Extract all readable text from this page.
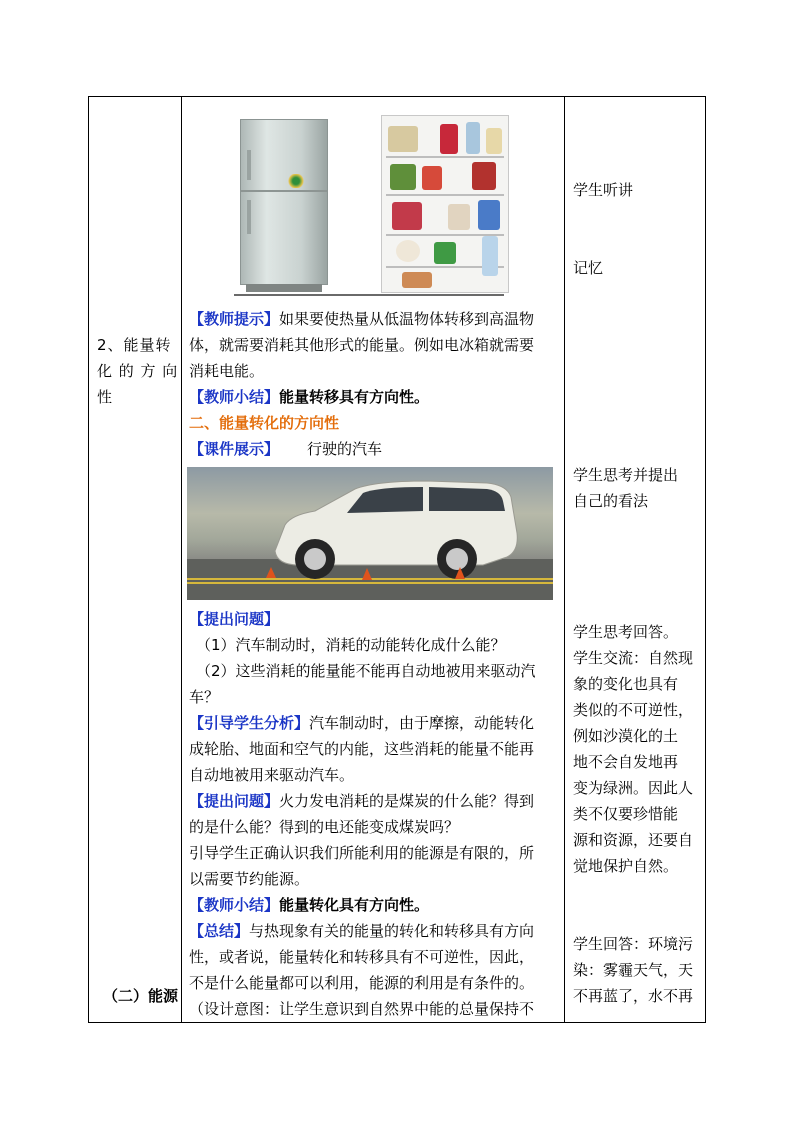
2、能量转
化 的 方 向
性
（二）能源
【教师提示】如果要使热量从低温物体转移到高温物
体，就需要消耗其他形式的能量。例如电冰箱就需要
消耗电能。
【教师小结】能量转移具有方向性。
二、能量转化的方向性
【课件展示】 行驶的汽车
【提出问题】
（1）汽车制动时，消耗的动能转化成什么能？
（2）这些消耗的能量能不能再自动地被用来驱动汽
车？
【引导学生分析】汽车制动时，由于摩擦，动能转化
成轮胎、地面和空气的内能，这些消耗的能量不能再
自动地被用来驱动汽车。
【提出问题】火力发电消耗的是煤炭的什么能？得到
的是什么能？得到的电还能变成煤炭吗？
引导学生正确认识我们所能利用的能源是有限的，所
以需要节约能源。
【教师小结】能量转化具有方向性。
【总结】与热现象有关的能量的转化和转移具有方向
性，或者说，能量转化和转移具有不可逆性，因此，
不是什么能量都可以利用，能源的利用是有条件的。
（设计意图：让学生意识到自然界中能的总量保持不
学生听讲
记忆
学生思考并提出
自己的看法
学生思考回答。
学生交流：自然现
象的变化也具有
类似的不可逆性，
例如沙漠化的土
地不会自发地再
变为绿洲。因此人
类不仅要珍惜能
源和资源，还要自
觉地保护自然。
学生回答：环境污
染：雾霾天气，天
不再蓝了，水不再
